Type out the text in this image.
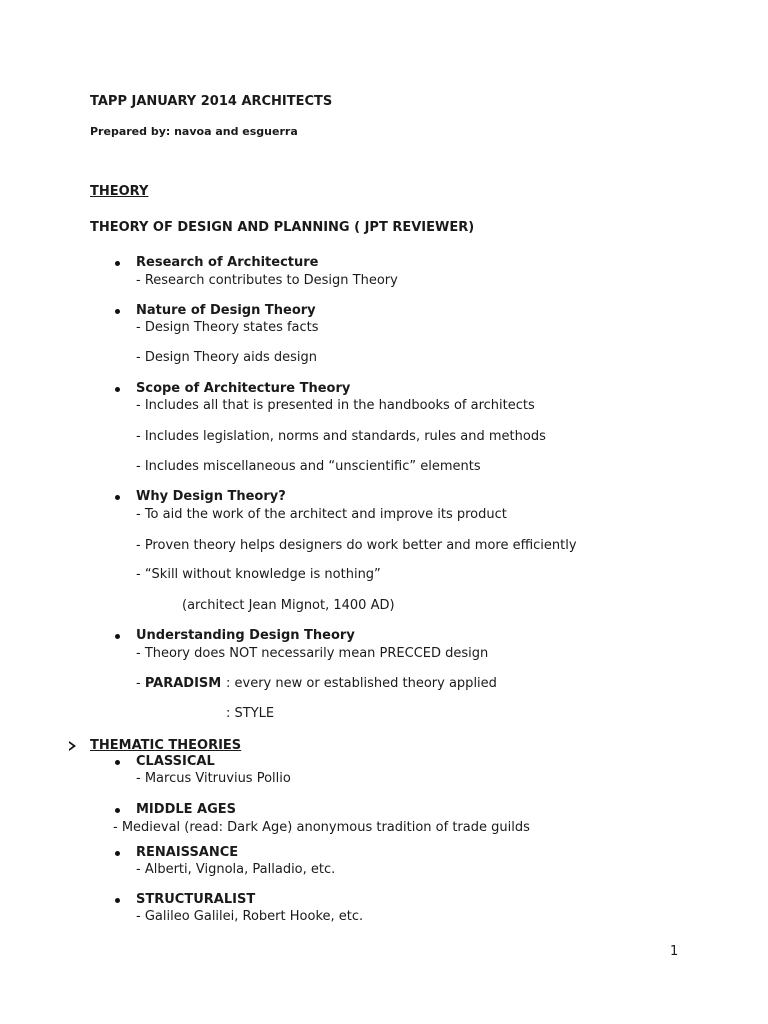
TAPP JANUARY 2014 ARCHITECTS
Prepared by: navoa and esguerra
THEORY
THEORY OF DESIGN AND PLANNING ( JPT REVIEWER)
Research of Architecture
- Research contributes to Design Theory
Nature of Design Theory
- Design Theory states facts
- Design Theory aids design
Scope of Architecture Theory
- Includes all that is presented in the handbooks of architects
- Includes legislation, norms and standards, rules and methods
- Includes miscellaneous and “unscientific” elements
Why Design Theory?
- To aid the work of the architect and improve its product
- Proven theory helps designers do work better and more efficiently
- “Skill without knowledge is nothing”
(architect Jean Mignot, 1400 AD)
Understanding Design Theory
- Theory does NOT necessarily mean PRECCED design
- PARADISM : every new or established theory applied
: STYLE
THEMATIC THEORIES
CLASSICAL
- Marcus Vitruvius Pollio
MIDDLE AGES
- Medieval (read: Dark Age) anonymous tradition of trade guilds
RENAISSANCE
- Alberti, Vignola, Palladio, etc.
STRUCTURALIST
- Galileo Galilei, Robert Hooke, etc.
1
